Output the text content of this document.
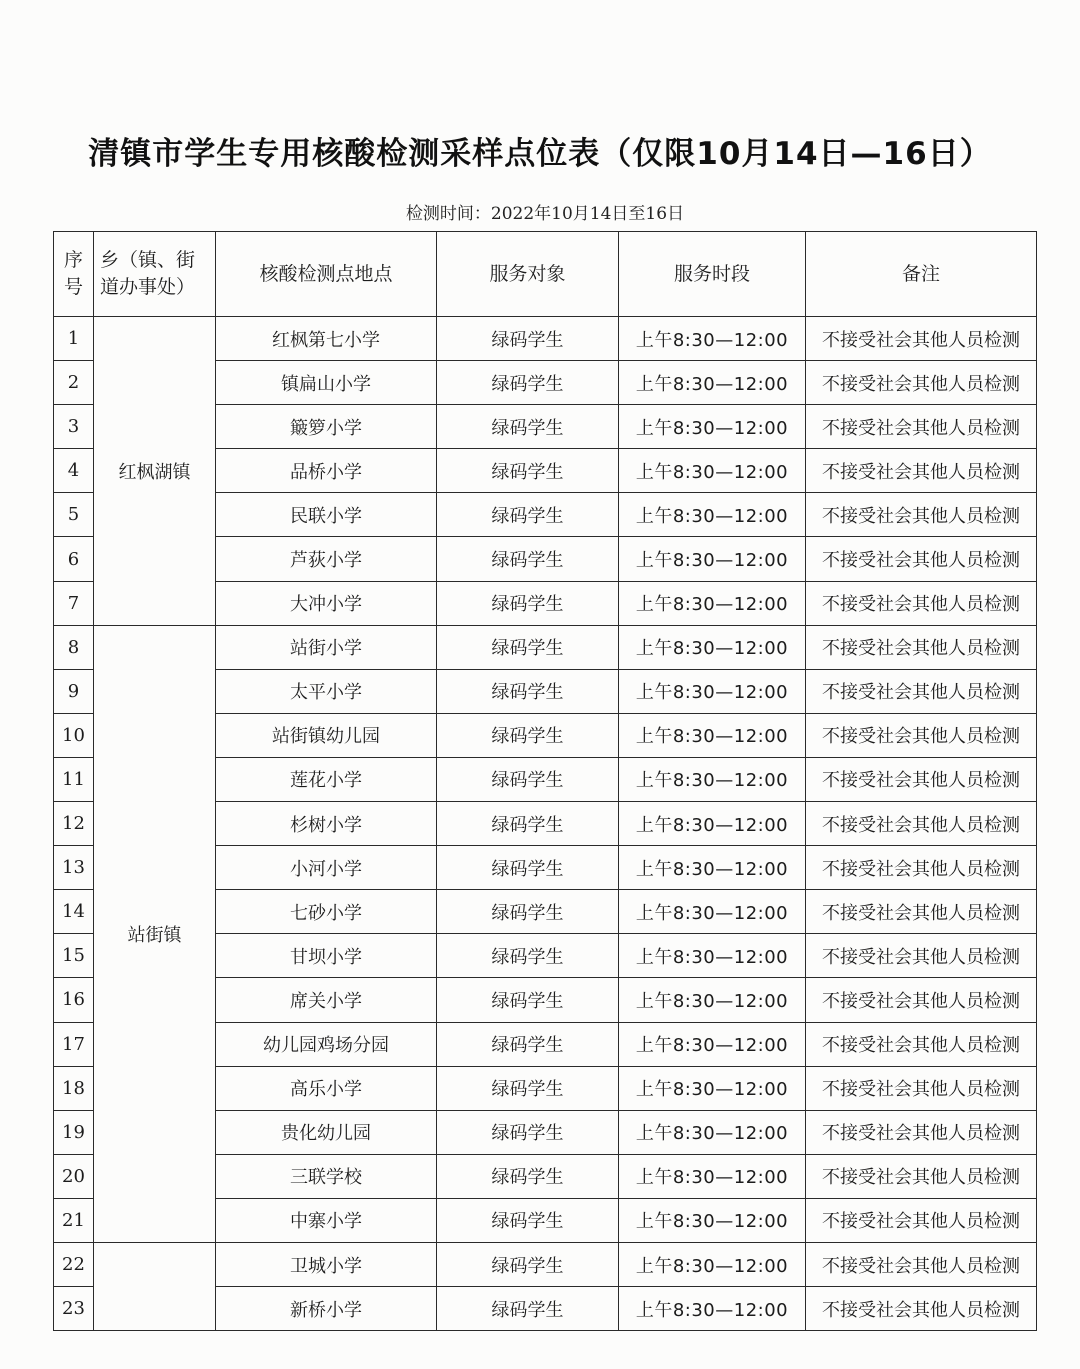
清镇市学生专用核酸检测采样点位表（仅限10月14日—16日）
检测时间：2022年10月14日至16日
序号	乡（镇、街道办事处）	核酸检测点地点	服务对象	服务时段	备注
1	红枫湖镇	红枫第七小学	绿码学生	上午8:30—12:00	不接受社会其他人员检测
2		镇扁山小学	绿码学生	上午8:30—12:00	不接受社会其他人员检测
3		簸箩小学	绿码学生	上午8:30—12:00	不接受社会其他人员检测
4		品桥小学	绿码学生	上午8:30—12:00	不接受社会其他人员检测
5		民联小学	绿码学生	上午8:30—12:00	不接受社会其他人员检测
6		芦荻小学	绿码学生	上午8:30—12:00	不接受社会其他人员检测
7		大冲小学	绿码学生	上午8:30—12:00	不接受社会其他人员检测
8	站街镇	站街小学	绿码学生	上午8:30—12:00	不接受社会其他人员检测
9		太平小学	绿码学生	上午8:30—12:00	不接受社会其他人员检测
10		站街镇幼儿园	绿码学生	上午8:30—12:00	不接受社会其他人员检测
11		莲花小学	绿码学生	上午8:30—12:00	不接受社会其他人员检测
12		杉树小学	绿码学生	上午8:30—12:00	不接受社会其他人员检测
13		小河小学	绿码学生	上午8:30—12:00	不接受社会其他人员检测
14		七砂小学	绿码学生	上午8:30—12:00	不接受社会其他人员检测
15		甘坝小学	绿码学生	上午8:30—12:00	不接受社会其他人员检测
16		席关小学	绿码学生	上午8:30—12:00	不接受社会其他人员检测
17		幼儿园鸡场分园	绿码学生	上午8:30—12:00	不接受社会其他人员检测
18		高乐小学	绿码学生	上午8:30—12:00	不接受社会其他人员检测
19		贵化幼儿园	绿码学生	上午8:30—12:00	不接受社会其他人员检测
20		三联学校	绿码学生	上午8:30—12:00	不接受社会其他人员检测
21		中寨小学	绿码学生	上午8:30—12:00	不接受社会其他人员检测
22		卫城小学	绿码学生	上午8:30—12:00	不接受社会其他人员检测
23		新桥小学	绿码学生	上午8:30—12:00	不接受社会其他人员检测
